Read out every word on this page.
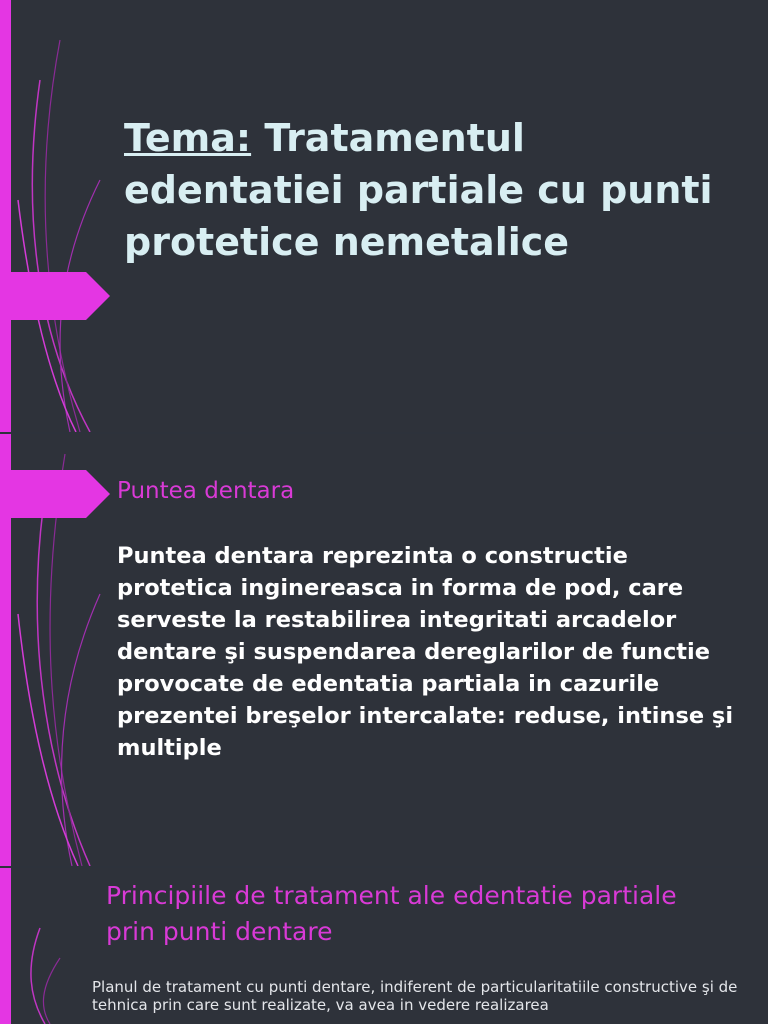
Tema: Tratamentul edentatiei partiale cu punti protetice nemetalice
Puntea dentara

Puntea dentara reprezinta o constructie protetica inginereasca in forma de pod, care serveste la restabilirea integritati arcadelor dentare şi suspendarea dereglarilor de functie provocate de edentatia partiala in cazurile prezentei breşelor intercalate: reduse, intinse şi multiple

Principiile de tratament ale edentatie partiale prin punti dentare

Planul de tratament cu punti dentare, indiferent de particularitatiile constructive şi de tehnica prin care sunt realizate, va avea in vedere realizarea
